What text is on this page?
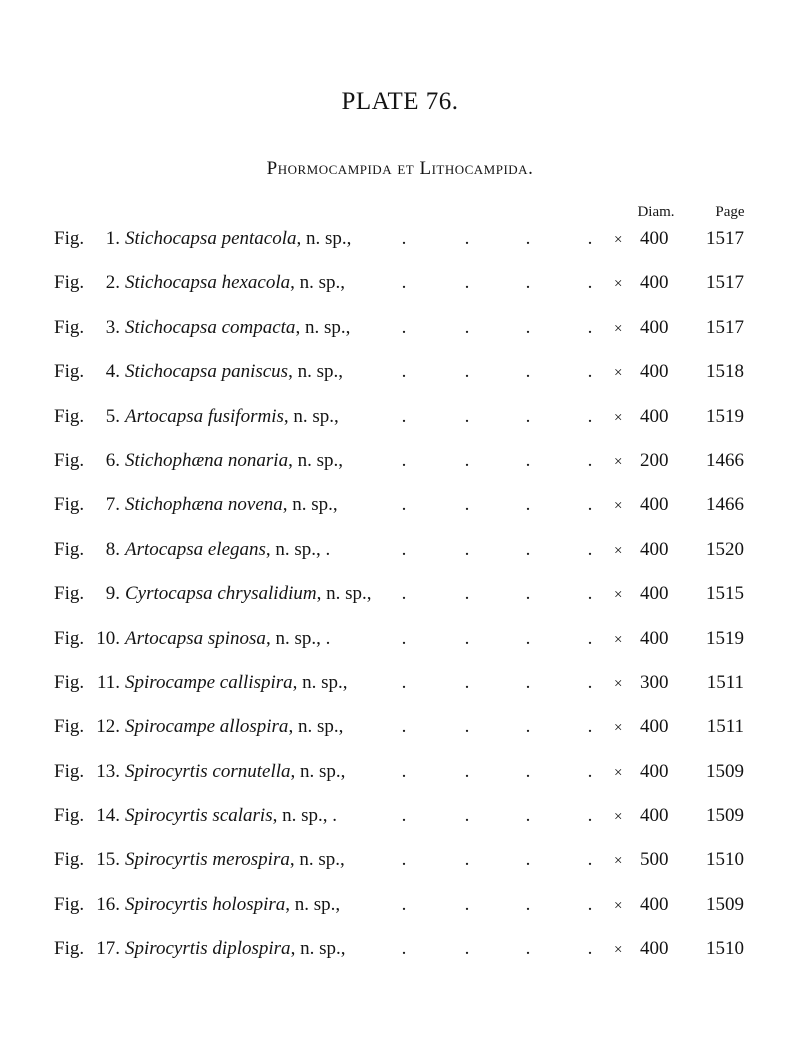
PLATE 76.
Phormocampida et Lithocampida.
Diam.	Page
Fig.	1. Stichocapsa pentacola, n. sp.,	.	.	.	. × 400 1517
Fig.	2. Stichocapsa hexacola, n. sp.,	.	.	.	. × 400 1517
Fig.	3. Stichocapsa compacta, n. sp.,	.	.	.	. × 400 1517
Fig.	4. Stichocapsa paniscus, n. sp.,	.	.	.	. × 400 1518
Fig.	5. Artocapsa fusiformis, n. sp.,	.	.	.	. × 400 1519
Fig.	6. Stichophæna nonaria, n. sp.,	.	.	.	. × 200 1466
Fig.	7. Stichophæna novena, n. sp.,	.	.	.	. × 400 1466
Fig.	8. Artocapsa elegans, n. sp., .	.	.	.	. × 400 1520
Fig.	9. Cyrtocapsa chrysalidium, n. sp., .	.	.	. × 400 1515
Fig. 10. Artocapsa spinosa, n. sp., .	.	.	.	. × 400 1519
Fig. 11. Spirocampe callispira, n. sp.,	.	.	.	. × 300 1511
Fig. 12. Spirocampe allospira, n. sp.,	.	.	.	. × 400 1511
Fig. 13. Spirocyrtis cornutella, n. sp.,	.	.	.	. × 400 1509
Fig. 14. Spirocyrtis scalaris, n. sp., .	.	.	.	. × 400 1509
Fig. 15. Spirocyrtis merospira, n. sp.,	.	.	.	. × 500 1510
Fig. 16. Spirocyrtis holospira, n. sp.,	.	.	.	. × 400 1509
Fig. 17. Spirocyrtis diplospira, n. sp.,	.	.	.	. × 400 1510
